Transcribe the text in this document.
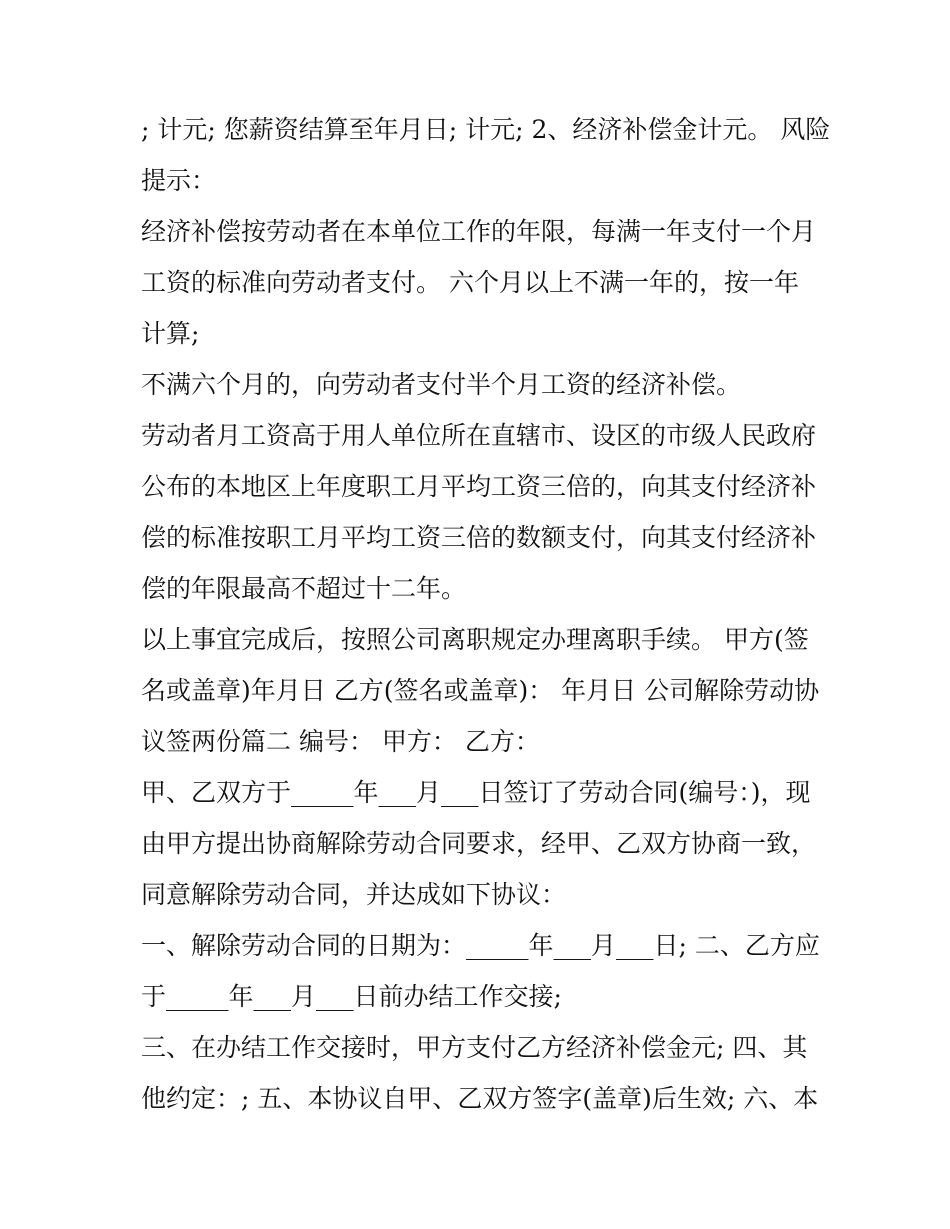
; 计元; 您薪资结算至年月日; 计元; 2、经济补偿金计元。 风险
提示：
经济补偿按劳动者在本单位工作的年限，每满一年支付一个月
工资的标准向劳动者支付。 六个月以上不满一年的，按一年
计算;
不满六个月的，向劳动者支付半个月工资的经济补偿。
劳动者月工资高于用人单位所在直辖市、设区的市级人民政府
公布的本地区上年度职工月平均工资三倍的，向其支付经济补
偿的标准按职工月平均工资三倍的数额支付，向其支付经济补
偿的年限最高不超过十二年。
以上事宜完成后，按照公司离职规定办理离职手续。 甲方(签
名或盖章)年月日 乙方(签名或盖章)： 年月日 公司解除劳动协
议签两份篇二 编号： 甲方： 乙方：
甲、乙双方于_____年___月___日签订了劳动合同(编号：)，现
由甲方提出协商解除劳动合同要求，经甲、乙双方协商一致，
同意解除劳动合同，并达成如下协议：
一、解除劳动合同的日期为：_____年___月___日; 二、乙方应
于_____年___月___日前办结工作交接;
三、在办结工作交接时，甲方支付乙方经济补偿金元; 四、其
他约定：; 五、本协议自甲、乙双方签字(盖章)后生效; 六、本
